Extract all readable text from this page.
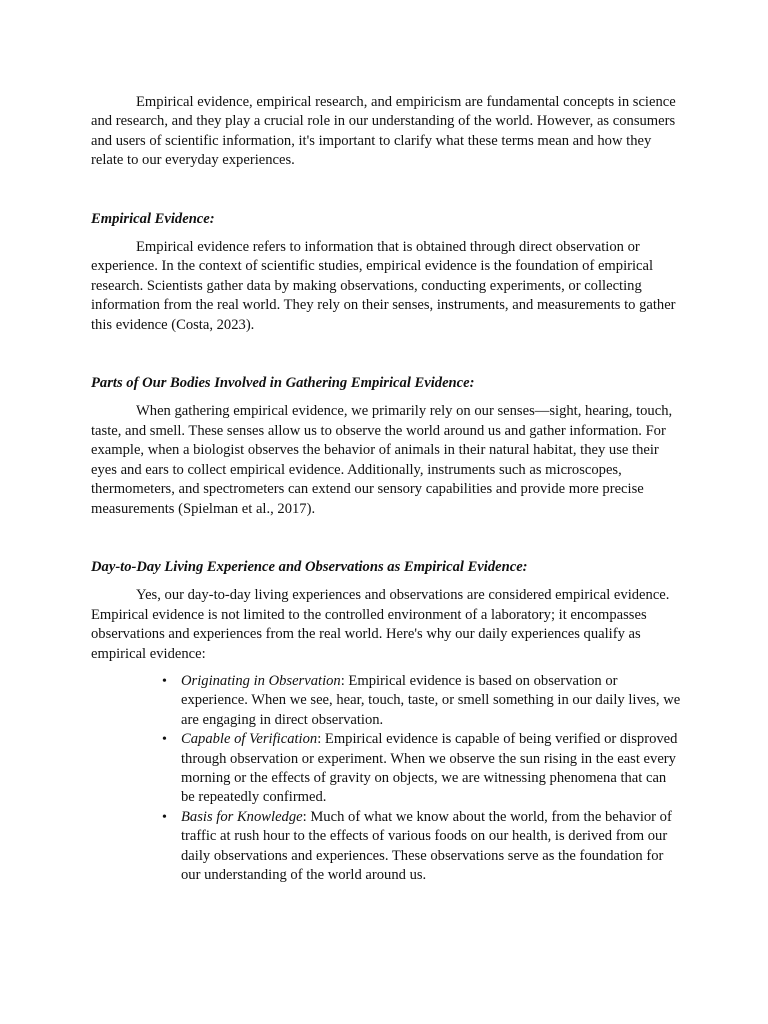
Empirical evidence, empirical research, and empiricism are fundamental concepts in science and research, and they play a crucial role in our understanding of the world. However, as consumers and users of scientific information, it's important to clarify what these terms mean and how they relate to our everyday experiences.

Empirical Evidence:

Empirical evidence refers to information that is obtained through direct observation or experience. In the context of scientific studies, empirical evidence is the foundation of empirical research. Scientists gather data by making observations, conducting experiments, or collecting information from the real world. They rely on their senses, instruments, and measurements to gather this evidence (Costa, 2023).

Parts of Our Bodies Involved in Gathering Empirical Evidence:

When gathering empirical evidence, we primarily rely on our senses—sight, hearing, touch, taste, and smell. These senses allow us to observe the world around us and gather information. For example, when a biologist observes the behavior of animals in their natural habitat, they use their eyes and ears to collect empirical evidence. Additionally, instruments such as microscopes, thermometers, and spectrometers can extend our sensory capabilities and provide more precise measurements (Spielman et al., 2017).

Day-to-Day Living Experience and Observations as Empirical Evidence:

Yes, our day-to-day living experiences and observations are considered empirical evidence. Empirical evidence is not limited to the controlled environment of a laboratory; it encompasses observations and experiences from the real world. Here's why our daily experiences qualify as empirical evidence:

• Originating in Observation: Empirical evidence is based on observation or experience. When we see, hear, touch, taste, or smell something in our daily lives, we are engaging in direct observation.
• Capable of Verification: Empirical evidence is capable of being verified or disproved through observation or experiment. When we observe the sun rising in the east every morning or the effects of gravity on objects, we are witnessing phenomena that can be repeatedly confirmed.
• Basis for Knowledge: Much of what we know about the world, from the behavior of traffic at rush hour to the effects of various foods on our health, is derived from our daily observations and experiences. These observations serve as the foundation for our understanding of the world around us.
